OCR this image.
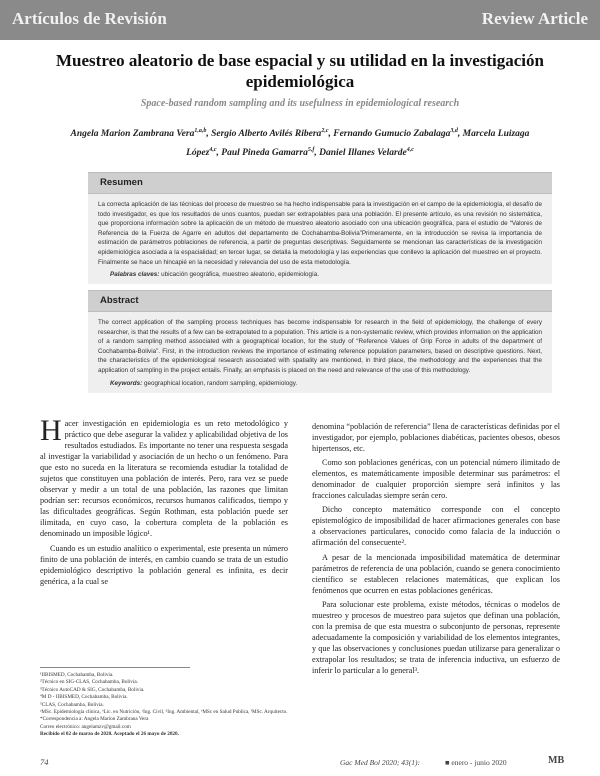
Artículos de Revisión	Review Article
Muestreo aleatorio de base espacial y su utilidad en la investigación epidemiológica
Space-based random sampling and its usefulness in epidemiological research
Angela Marion Zambrana Vera$^{1,a,b}$, Sergio Alberto Avilés Ribera$^{2,c}$, Fernando Gumucio Zabalaga$^{3,d}$, Marcela Luizaga
López$^{4,c}$, Paul Pineda Gamarra$^{5,f}$, Daniel Illanes Velarde$^{4,c}$
Resumen
La correcta aplicación de las técnicas del proceso de muestreo se ha hecho indispensable para la investigación en el campo de la epidemiología, el desafío de todo investigador, es que los resultados de unos cuantos, puedan ser extrapolables para una población. El presente artículo, es una revisión no sistemática, que proporciona información sobre la aplicación de un método de muestreo aleatorio asociado con una ubicación geográfica, para el estudio de “Valores de Referencia de la Fuerza de Agarre en adultos del departamento de Cochabamba-Bolivia”Primeramente, en la introducción se revisa la importancia de estimación de parámetros poblaciones de referencia, a partir de preguntas descriptivas. Seguidamente se mencionan las características de la investigación epidemiológica asociada a la espacialidad; en tercer lugar, se detalla la metodología y las experiencias que conllevo la aplicación del muestreo en el proyecto. Finalmente se hace un hincapié en la necesidad y relevancia del uso de esta metodología.
Palabras claves: ubicación geográfica, muestreo aleatorio, epidemiología.
Abstract
The correct application of the sampling process techniques has become indispensable for research in the field of epidemiology, the challenge of every researcher, is that the results of a few can be extrapolated to a population. This article is a non-systematic review, which provides information on the application of a random sampling method associated with a geographical location, for the study of “Reference Values of Grip Force in adults of the department of Cochabamba-Bolivia”. First, in the introduction reviews the importance of estimating reference population parameters, based on descriptive questions. Next, the characteristics of the epidemiological research associated with spatiality are mentioned, in third place, the methodology and the experiences that the application of sampling in the project entails. Finally, an emphasis is placed on the need and relevance of the use of this methodology.
Keywords: geographical location, random sampling, epidemiology.

Hacer investigación en epidemiologia es un reto metodológico y práctico que debe asegurar la validez y aplicabilidad objetiva de los resultados estudiados. Es importante no tener una respuesta sesgada al investigar la variabilidad y asociación de un hecho o un fenómeno. Para que esto no suceda en la literatura se recomienda estudiar la totalidad de sujetos que constituyen una población de interés. Pero, rara vez se puede observar y medir a un total de una población, las razones que limitan podrían ser: recursos económicos, recursos humanos calificados, tiempo y las dificultades geográficas. Según Rothman, esta población puede ser ilimitada, en cuyo caso, la cobertura completa de la población es denominado un imposible lógico¹.

Cuando es un estudio analítico o experimental, este presenta un número finito de una población de interés, en cambio cuando se trata de un estudio epidemiológico descriptivo la población general es infinita, es decir genérica, a la cual se

denomina “población de referencia” llena de características definidas por el investigador, por ejemplo, poblaciones diabéticas, pacientes obesos, obesos hipertensos, etc.

Como son poblaciones genéricas, con un potencial número ilimitado de elementos, es matemáticamente imposible determinar sus parámetros: el denominador de cualquier proporción siempre será infinitos y las fracciones calculadas siempre serán cero.

Dicho concepto matemático corresponde con el concepto epistemológico de imposibilidad de hacer afirmaciones generales con base a observaciones particulares, conocido como falacia de la inducción o afirmación del consecuente².

A pesar de la mencionada imposibilidad matemática de determinar parámetros de referencia de una población, cuando se genera conocimiento científico se establecen relaciones matemáticas, que explican los fenómenos que ocurren en estas poblaciones genéricas.

Para solucionar este problema, existe métodos, técnicas o modelos de muestreo y procesos de muestreo para sujetos que definan una población, con la premisa de que esta muestra o subconjunto de personas, represente adecuadamente la composición y variabilidad de los elementos integrantes, y que las observaciones y conclusiones puedan utilizarse para generalizar o extrapolar los resultados; se trata de inferencia inductiva, un esfuerzo de inferir lo particular a lo general³.

¹IIBISMED, Cochabamba, Bolivia.
²Técnico en SIG-CLAS, Cochabamba, Bolivia.
³Técnico AutoCAD & SIG, Cochabamba, Bolivia.
⁴M D - IIBISMED, Cochabamba, Bolivia.
⁵CLAS, Cochabamba, Bolivia.
ᵃMSc. Epidemiología clínica, ᵇLic. en Nutrición, ᶜIng. Civil, ᵈIng. Ambiental, ᵉMSc en Salud Publica, ᶠMSc. Arquitecto.
*Correspondencia a: Angela Marion Zambrana Vera
Correo electrónico: angelamzv@gmail.com
Recibido el 02 de marzo de 2020. Aceptado el 26 mayo de 2020.
74	Gac Med Bol 2020; 43(1):	■ enero - junio 2020	MB
